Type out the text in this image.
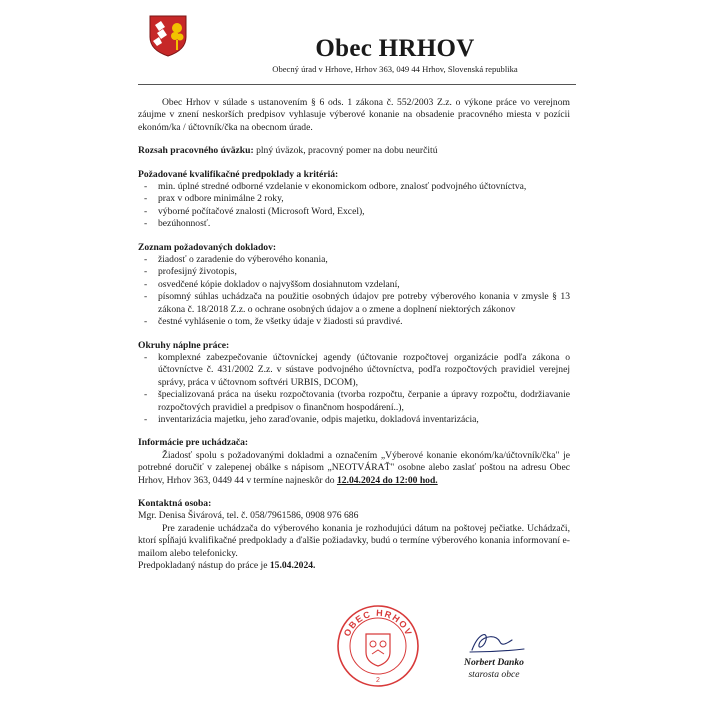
Obec HRHOV
Obecný úrad v Hrhove, Hrhov 363, 049 44 Hrhov, Slovenská republika

Obec Hrhov v súlade s ustanovením § 6 ods. 1 zákona č. 552/2003 Z.z. o výkone práce vo verejnom záujme v znení neskorších predpisov vyhlasuje výberové konanie na obsadenie pracovného miesta v pozícii ekonóm/ka / účtovník/čka na obecnom úrade.

Rozsah pracovného úväzku: plný úväzok, pracovný pomer na dobu neurčitú

Požadované kvalifikačné predpoklady a kritériá:
- min. úplné stredné odborné vzdelanie v ekonomickom odbore, znalosť podvojného účtovníctva,
- prax v odbore minimálne 2 roky,
- výborné počítačové znalosti (Microsoft Word, Excel),
- bezúhonnosť.
Zoznam požadovaných dokladov:
- žiadosť o zaradenie do výberového konania,
- profesijný životopis,
- osvedčené kópie dokladov o najvyššom dosiahnutom vzdelaní,
- písomný súhlas uchádzača na použitie osobných údajov pre potreby výberového konania v zmysle § 13 zákona č. 18/2018 Z.z. o ochrane osobných údajov a o zmene a doplnení niektorých zákonov
- čestné vyhlásenie o tom, že všetky údaje v žiadosti sú pravdivé.
Okruhy náplne práce:
- komplexné zabezpečovanie účtovníckej agendy (účtovanie rozpočtovej organizácie podľa zákona o účtovníctve č. 431/2002 Z.z. v sústave podvojného účtovníctva, podľa rozpočtových pravidiel verejnej správy, práca v účtovnom softvéri URBIS, DCOM),
- špecializovaná práca na úseku rozpočtovania (tvorba rozpočtu, čerpanie a úpravy rozpočtu, dodržiavanie rozpočtových pravidiel a predpisov o finančnom hospodárení..),
- inventarizácia majetku, jeho zaraďovanie, odpis majetku, dokladová inventarizácia,
Informácie pre uchádzača:

Žiadosť spolu s požadovanými dokladmi a označením „Výberové konanie ekonóm/ka/účtovník/čka" je potrebné doručiť v zalepenej obálke s nápisom „NEOTVÁRAŤ" osobne alebo zaslať poštou na adresu Obec Hrhov, Hrhov 363, 0449 44 v termíne najneskôr do 12.04.2024 do 12:00 hod.

Kontaktná osoba:

Mgr. Denisa Šivárová, tel. č. 058/7961586, 0908 976 686

Pre zaradenie uchádzača do výberového konania je rozhodujúci dátum na poštovej pečiatke. Uchádzači, ktorí spĺňajú kvalifikačné predpoklady a ďalšie požiadavky, budú o termíne výberového konania informovaní e-mailom alebo telefonicky.

Predpokladaný nástup do práce je 15.04.2024.

OBEC HRHOV
2
Norbert Danko
starosta obce
